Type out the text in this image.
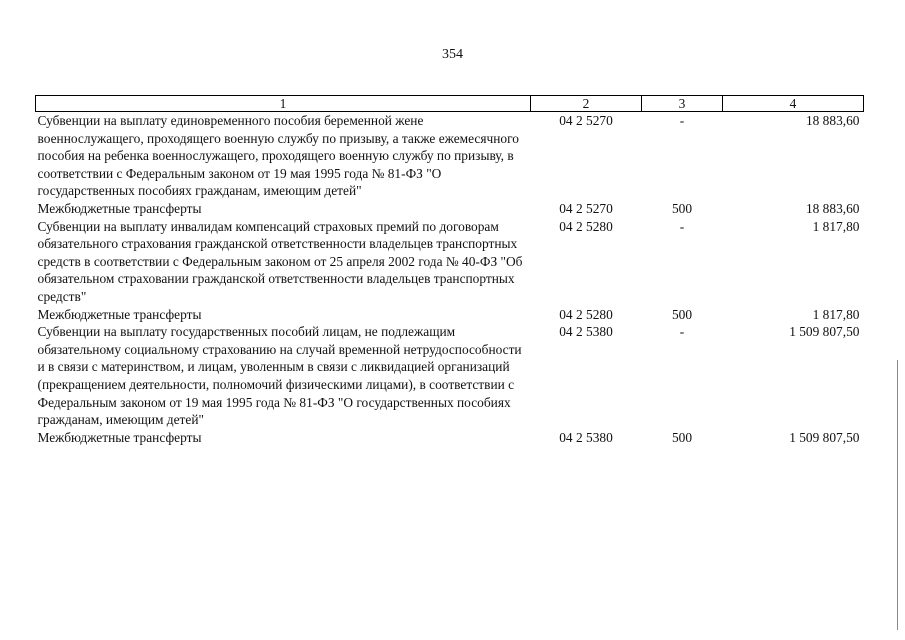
354
1	2	3	4
Субвенции на выплату единовременного пособия беременной жене военнослужащего, проходящего военную службу по призыву, а также ежемесячного пособия на ребенка военнослужащего, проходящего военную службу по призыву, в соответствии с Федеральным законом от 19 мая 1995 года № 81-ФЗ "О государственных пособиях гражданам, имеющим детей"	04 2 5270	-	18 883,60
Межбюджетные трансферты	04 2 5270	500	18 883,60
Субвенции на выплату инвалидам компенсаций страховых премий по договорам обязательного страхования гражданской ответственности владельцев транспортных средств в соответствии с Федеральным законом от 25 апреля 2002 года № 40-ФЗ "Об обязательном страховании гражданской ответственности владельцев транспортных средств"	04 2 5280	-	1 817,80
Межбюджетные трансферты	04 2 5280	500	1 817,80
Субвенции на выплату государственных пособий лицам, не подлежащим обязательному социальному страхованию на случай временной нетрудоспособности и в связи с материнством, и лицам, уволенным в связи с ликвидацией организаций (прекращением деятельности, полномочий физическими лицами), в соответствии с Федеральным законом от 19 мая 1995 года № 81-ФЗ "О государственных пособиях гражданам, имеющим детей"	04 2 5380	-	1 509 807,50
Межбюджетные трансферты	04 2 5380	500	1 509 807,50
